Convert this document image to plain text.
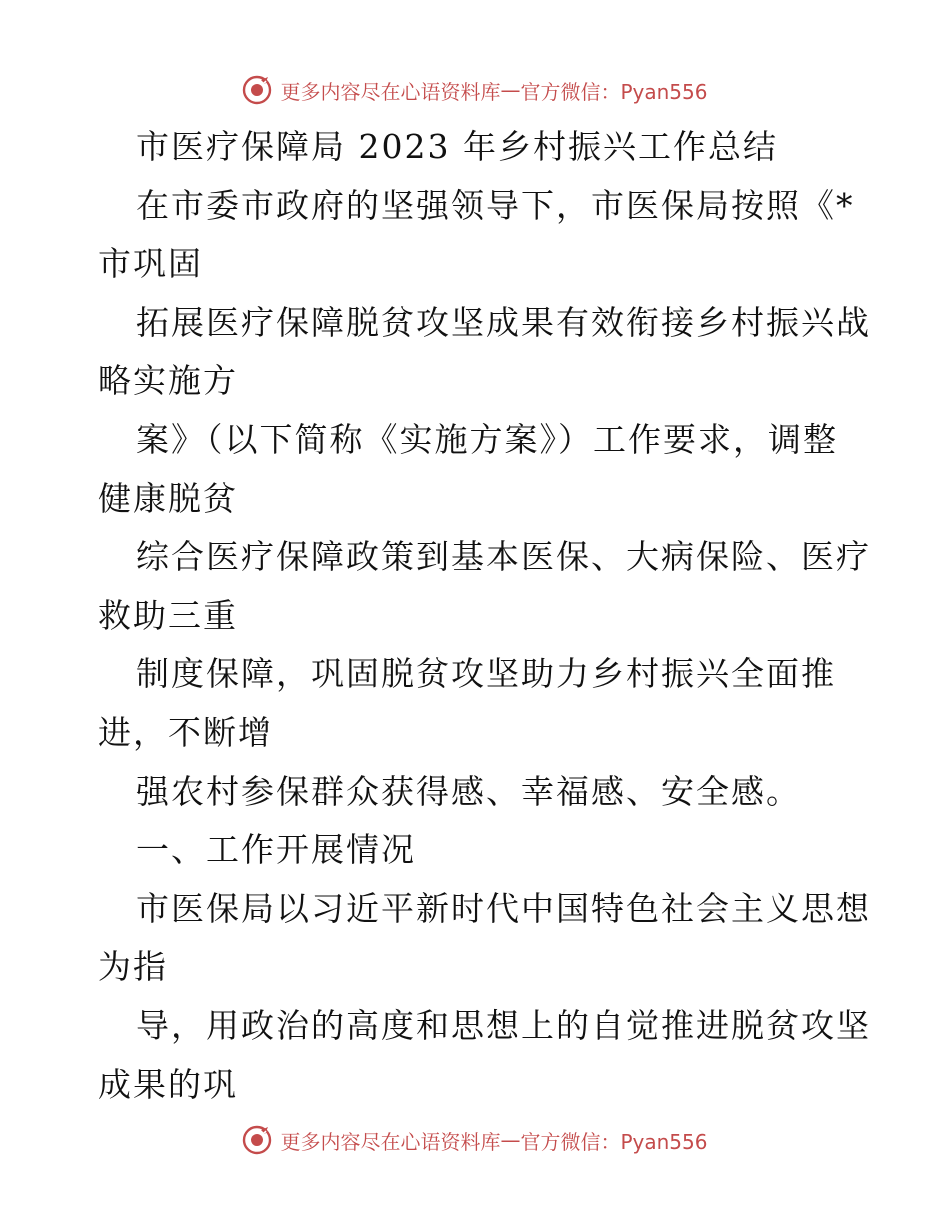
更多内容尽在心语资料库 — 官方微信：Pyan556
市医疗保障局 2023 年乡村振兴工作总结
在市委市政府的坚强领导下，市医保局按照《*
市巩固
拓展医疗保障脱贫攻坚成果有效衔接乡村振兴战
略实施方
案》（以下简称《实施方案》）工作要求，调整
健康脱贫
综合医疗保障政策到基本医保、大病保险、医疗
救助三重
制度保障，巩固脱贫攻坚助力乡村振兴全面推
进，不断增
强农村参保群众获得感、幸福感、安全感。
一、工作开展情况
市医保局以习近平新时代中国特色社会主义思想
为指
导，用政治的高度和思想上的自觉推进脱贫攻坚
成果的巩
更多内容尽在心语资料库 — 官方微信：Pyan556
